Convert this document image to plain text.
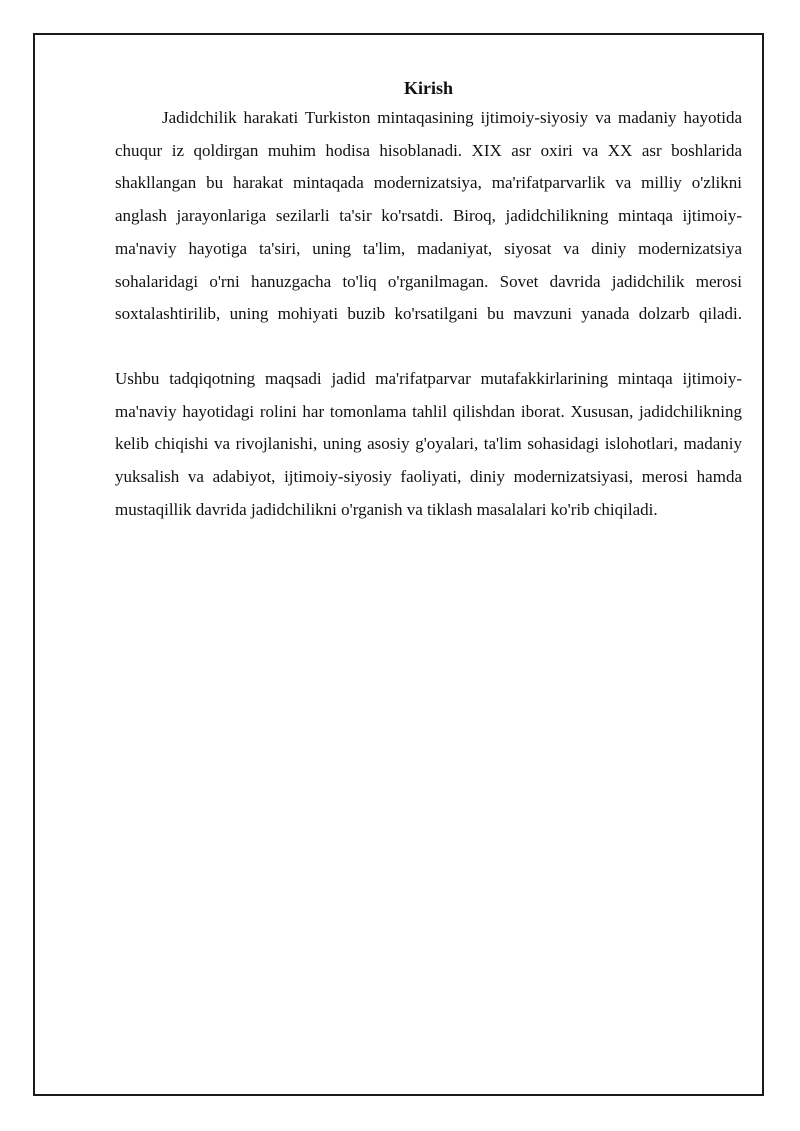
Kirish

Jadidchilik harakati Turkiston mintaqasining ijtimoiy-siyosiy va madaniy hayotida chuqur iz qoldirgan muhim hodisa hisoblanadi. XIX asr oxiri va XX asr boshlarida shakllangan bu harakat mintaqada modernizatsiya, ma'rifatparvarlik va milliy o'zlikni anglash jarayonlariga sezilarli ta'sir ko'rsatdi. Biroq, jadidchilikning mintaqa ijtimoiy-ma'naviy hayotiga ta'siri, uning ta'lim, madaniyat, siyosat va diniy modernizatsiya sohalaridagi o'rni hanuzgacha to'liq o'rganilmagan. Sovet davrida jadidchilik merosi soxtalashtirilib, uning mohiyati buzib ko'rsatilgani bu mavzuni yanada dolzarb qiladi.

Ushbu tadqiqotning maqsadi jadid ma'rifatparvar mutafakkirlarining mintaqa ijtimoiy-ma'naviy hayotidagi rolini har tomonlama tahlil qilishdan iborat. Xususan, jadidchilikning kelib chiqishi va rivojlanishi, uning asosiy g'oyalari, ta'lim sohasidagi islohotlari, madaniy yuksalish va adabiyot, ijtimoiy-siyosiy faoliyati, diniy modernizatsiyasi, merosi hamda mustaqillik davrida jadidchilikni o'rganish va tiklash masalalari ko'rib chiqiladi.
